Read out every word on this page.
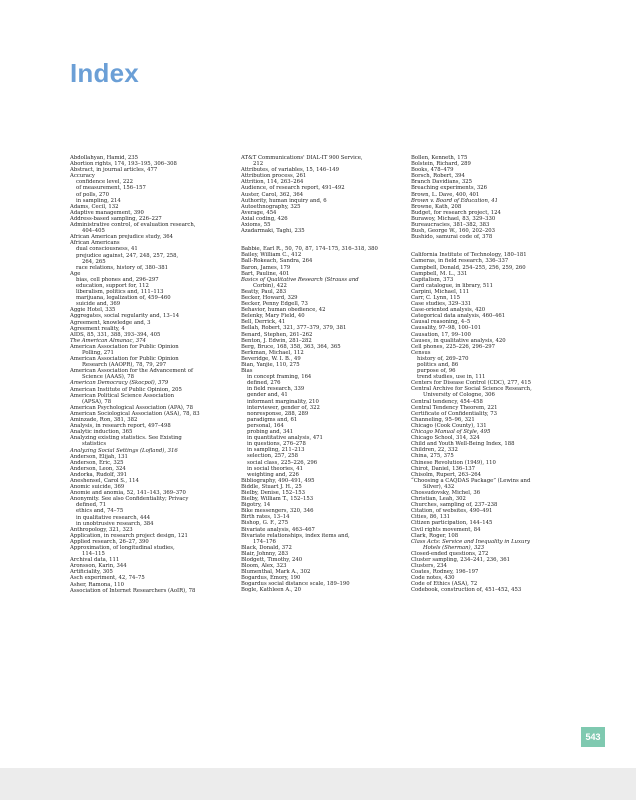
Index
Abdollahyan, Hamid, 235
Abortion rights, 174, 193–195, 306–308
Abstract, in journal articles, 477
Accuracy
confidence level, 222
of measurement, 156–157
of polls, 270
in sampling, 214
Adams, Cecil, 132
Adaptive management, 390
Address-based sampling, 226–227
Administrative control, of evaluation research,
404–405
African American prejudice study, 364
African Americans
dual consciousness, 41
prejudice against, 247, 248, 257, 258,
264, 265
race relations, history of, 380–381
Age
bias, cell phones and, 296–297
education, support for, 112
liberalism, politics and, 111–113
marijuana, legalization of, 459–460
suicide and, 369
Aggie Hotel, 335
Aggregates, social regularity and, 13–14
Agreement, knowledge and, 3
Agreement reality, 4
AIDS, 85, 331, 388, 393–394, 405
The American Almanac, 374
American Association for Public Opinion
Polling, 271
American Association for Public Opinion
Research (AAOPR), 78, 79, 297
American Association for the Advancement of
Science (AAAS), 78
American Democracy (Skocpol), 379
American Institute of Public Opinion, 205
American Political Science Association
(APSA), 78
American Psychological Association (APA), 78
American Sociological Association (ASA), 78, 83
Aminzade, Ron, 381, 382
Analysis, in research report, 497–498
Analytic induction, 365
Analyzing existing statistics. See Existing
statistics
Analyzing Social Settings (Lofland), 316
Anderson, Elijah, 131
Anderson, Eric, 325
Anderson, Leon, 324
Andorka, Rudolf, 391
Aneshensel, Carol S., 114
Anomic suicide, 369
Anomie and anomia, 52, 141–143, 369–370
Anonymity. See also Confidentiality; Privacy
defined, 71
ethics and, 74–75
in qualitative research, 444
in unobtrusive research, 384
Anthropology, 321, 323
Application, in research project design, 121
Applied research, 26–27, 390
Approximation, of longitudinal studies,
114–115
Archival data, 111
Aronsson, Karin, 344
Artificiality, 305
Asch experiment, 42, 74–75
Asher, Ramona, 110
Association of Internet Researchers (AoIR), 78
AT&T Communications' DIAL-IT 900 Service,
212
Attributes, of variables, 15, 146–149
Attribution process, 261
Attrition, 114, 263–264
Audience, of research report, 491–492
Auster, Carol, 362, 364
Authority, human inquiry and, 6
Autoethnography, 325
Average, 454
Axial coding, 426
Axioms, 55
Azadarmaki, Taghi, 235
Babbie, Earl R., 50, 70, 87, 174–175, 316–318, 380
Bailey, William C., 412
Ball-Rokeach, Sandra, 264
Baron, James, 179
Bart, Pauline, 401
Basics of Qualitative Research (Strauss and
Corbin), 422
Beatty, Paul, 283
Becker, Howard, 329
Becker, Penny Edgell, 73
Behavior, human obedience, 42
Belenky, Mary Field, 40
Bell, Derrick, 41
Bellah, Robert, 321, 377–379, 379, 381
Benard, Stephen, 261–262
Benton, J. Edwin, 281–282
Berg, Bruce, 168, 358, 363, 364, 365
Berkman, Michael, 112
Beveridge, W. I. B., 49
Bian, Yanjie, 110, 275
Bias
in concept framing, 164
defined, 276
in field research, 339
gender and, 41
informant marginality, 210
interviewer, gender of, 322
nonresponse, 288, 289
paradigms and, 61
personal, 164
probing and, 341
in quantitative analysis, 471
in questions, 276–278
in sampling, 211–213
selection, 257, 258
social class, 225–226, 296
in social theories, 41
weighting and, 226
Bibliography, 490–491, 495
Biddle, Stuart J. H., 25
Bielby, Denise, 152–153
Bielby, William T., 152–153
Bigotry, 14
Bike messengers, 320, 346
Birth rates, 13–14
Bishop, G. F., 275
Bivariate analysis, 463–467
Bivariate relationships, index items and,
174–176
Black, Donald, 372
Blair, Johnny, 283
Blodgett, Timothy, 240
Bloom, Alex, 323
Blumenthal, Mark A., 302
Bogardus, Emory, 190
Bogardus social distance scale, 189–190
Bogle, Kathleen A., 20
Bollen, Kenneth, 175
Bolstein, Richard, 289
Books, 478–479
Borsch, Robert, 394
Branch Davidians, 325
Breaching experiments, 326
Brown, L. Dave, 400, 401
Brown v. Board of Education, 41
Browne, Kath, 208
Budget, for research project, 124
Burawoy, Michael, 83, 329–330
Bureaucracies, 381–382, 383
Bush, George W., 160, 202–203
Bushido, samurai code of, 378
California Institute of Technology, 180–181
Cameras, in field research, 336–337
Campbell, Donald, 254–255, 256, 259, 260
Campbell, M. L., 331
Capitalism, 373
Card catalogue, in library, 511
Carpini, Michael, 111
Carr, C. Lynn, 115
Case studies, 329–331
Case-oriented analysis, 420
Categorical data analysis, 460–461
Causal reasoning, 4–5
Causality, 97–98, 100–101
Causation, 17, 99–100
Causes, in qualitative analysis, 420
Cell phones, 225–226, 296–297
Census
history of, 269–270
politics and, 86
purpose of, 96
trend studies, use in, 111
Centers for Disease Control (CDC), 277, 415
Central Archive for Social Science Research,
University of Cologne, 306
Central tendency, 454–458
Central Tendency Theorem, 221
Certificate of Confidentiality, 73
Channeling, 95–96, 321
Chicago (Cook County), 131
Chicago Manual of Style, 495
Chicago School, 314, 324
Child and Youth Well-Being Index, 188
Children, 22, 332
China, 275, 375
Chinese Revolution (1949), 110
Chirot, Daniel, 136–137
Chisolm, Rupert, 263–264
“Choosing a CAQDAS Package” (Lewins and
Silver), 432
Chossudovsky, Michel, 36
Christian, Leah, 302
Churches, sampling of, 237–238
Citation, of websites, 490–491
Cities, 86, 131
Citizen participation, 144–145
Civil rights movement, 84
Clark, Roger, 108
Class Acts: Service and Inequality in Luxury
Hotels (Sherman), 323
Closed-ended questions, 272
Cluster sampling, 234–241, 236, 361
Clusters, 234
Coates, Rodney, 196–197
Code notes, 430
Code of Ethics (ASA), 72
Codebook, construction of, 451–452, 453
543
